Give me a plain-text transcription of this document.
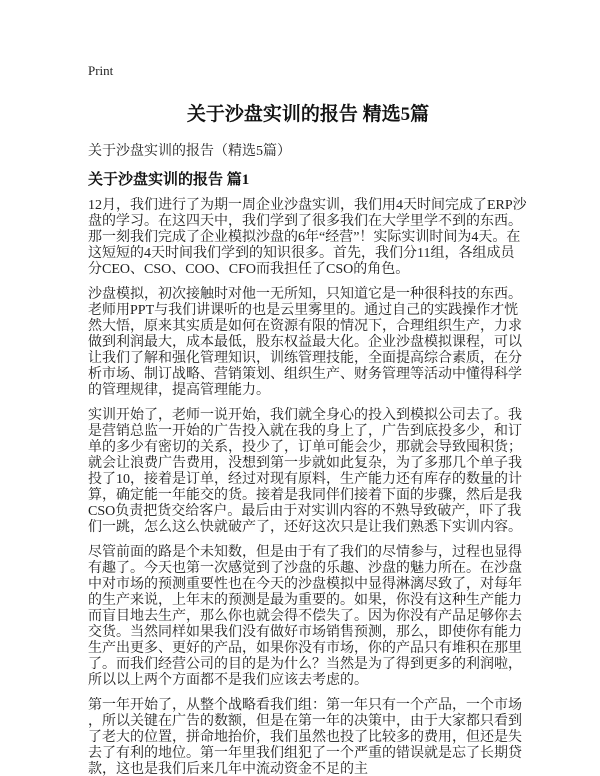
Print
关于沙盘实训的报告 精选5篇

关于沙盘实训的报告（精选5篇）

关于沙盘实训的报告 篇1

12月，我们进行了为期一周企业沙盘实训，我们用4天时间完成了ERP沙盘的学习。在这四天中，我们学到了很多我们在大学里学不到的东西。那一刻我们完成了企业模拟沙盘的6年“经营”！实际实训时间为4天。在这短短的4天时间我们学到的知识很多。首先，我们分11组，各组成员分CEO、CSO、COO、CFO而我担任了CSO的角色。

沙盘模拟，初次接触时对他一无所知，只知道它是一种很科技的东西。老师用PPT与我们讲课听的也是云里雾里的。通过自己的实践操作才恍然大悟，原来其实质是如何在资源有限的情况下，合理组织生产，力求做到利润最大，成本最低，股东权益最大化。企业沙盘模拟课程，可以让我们了解和强化管理知识，训练管理技能，全面提高综合素质，在分析市场、制订战略、营销策划、组织生产、财务管理等活动中懂得科学的管理规律，提高管理能力。

实训开始了，老师一说开始，我们就全身心的投入到模拟公司去了。我是营销总监一开始的广告投入就在我的身上了，广告到底投多少，和订单的多少有密切的关系，投少了，订单可能会少，那就会导致囤积货；就会让浪费广告费用，没想到第一步就如此复杂，为了多那几个单子我投了10，接着是订单，经过对现有原料，生产能力还有库存的数量的计算，确定能一年能交的货。接着是我同伴们接着下面的步骤，然后是我CSO负责把货交给客户。最后由于对实训内容的不熟导致破产，吓了我们一跳，怎么这么快就破产了，还好这次只是让我们熟悉下实训内容。

尽管前面的路是个未知数，但是由于有了我们的尽情参与，过程也显得有趣了。今天也第一次感觉到了沙盘的乐趣、沙盘的魅力所在。在沙盘中对市场的预测重要性也在今天的沙盘模拟中显得淋漓尽致了，对每年的生产来说，上年末的预测是最为重要的。如果，你没有这种生产能力而盲目地去生产，那么你也就会得不偿失了。因为你没有产品足够你去交货。当然同样如果我们没有做好市场销售预测，那么，即使你有能力生产出更多、更好的产品，如果你没有市场，你的产品只有堆积在那里了。而我们经营公司的目的是为什么？当然是为了得到更多的利润啦，所以以上两个方面都不是我们应该去考虑的。

第一年开始了，从整个战略看我们组：第一年只有一个产品，一个市场，所以关键在广告的数额，但是在第一年的决策中，由于大家都只看到了老大的位置，拼命地抬价，我们虽然也投了比较多的费用，但还是失去了有利的地位。第一年里我们组犯了一个严重的错误就是忘了长期贷款，这也是我们后来几年中流动资金不足的主
